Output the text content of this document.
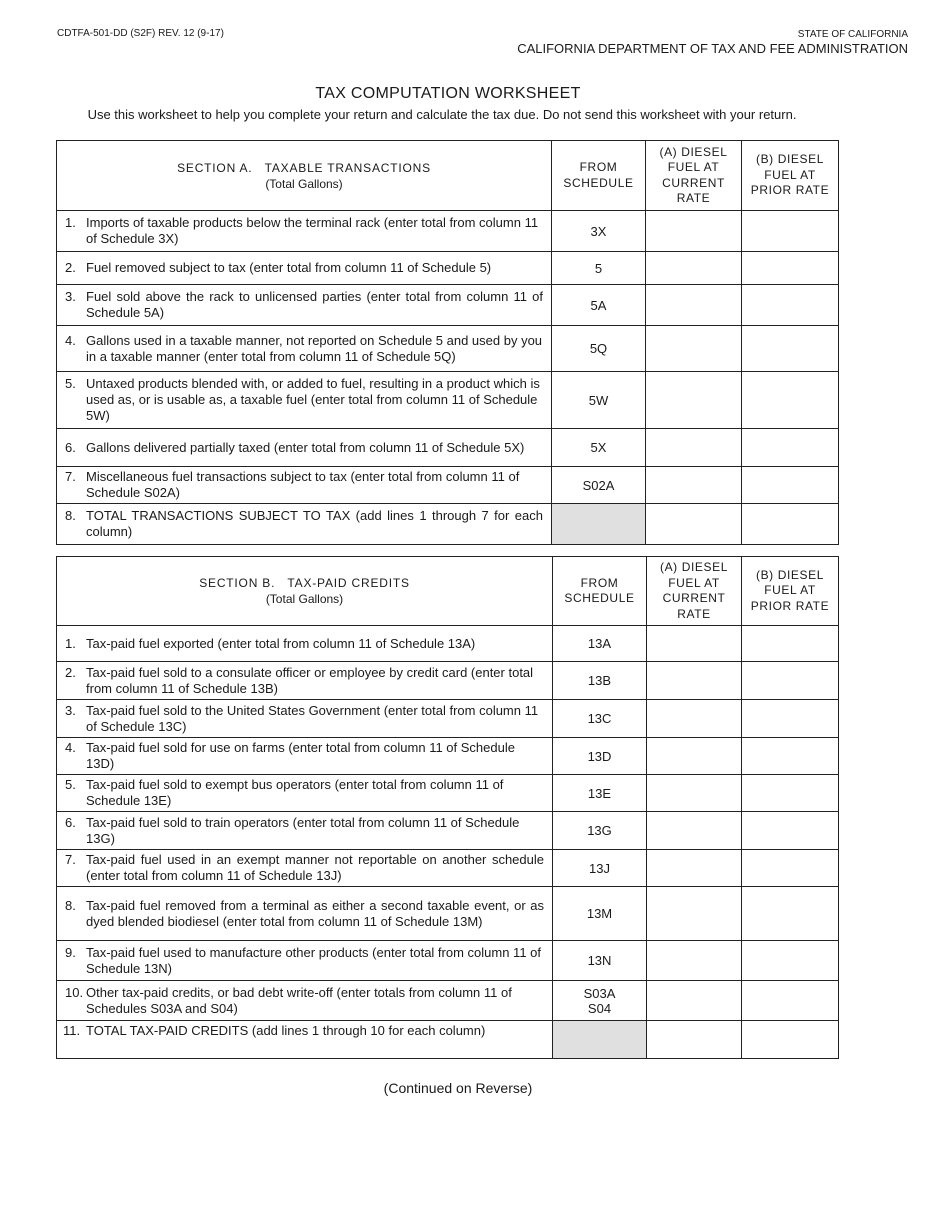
CDTFA-501-DD (S2F) REV. 12 (9-17)	STATE OF CALIFORNIA
CALIFORNIA DEPARTMENT OF TAX AND FEE ADMINISTRATION
TAX COMPUTATION WORKSHEET
Use this worksheet to help you complete your return and calculate the tax due. Do not send this worksheet with your return.
SECTION A.   TAXABLE TRANSACTIONS
(Total Gallons)	FROM SCHEDULE	(A) DIESEL FUEL AT CURRENT RATE	(B) DIESEL FUEL AT PRIOR RATE

1. Imports of taxable products below the terminal rack (enter total from column 11 of Schedule 3X)	3X		

2. Fuel removed subject to tax (enter total from column 11 of Schedule 5)	5		

3. Fuel sold above the rack to unlicensed parties (enter total from column 11 of Schedule 5A)	5A		

4. Gallons used in a taxable manner, not reported on Schedule 5 and used by you in a taxable manner (enter total from column 11 of Schedule 5Q)	5Q		

5. Untaxed products blended with, or added to fuel, resulting in a product which is used as, or is usable as, a taxable fuel (enter total from column 11 of Schedule 5W)	5W		

6. Gallons delivered partially taxed (enter total from column 11 of Schedule 5X)	5X		

7. Miscellaneous fuel transactions subject to tax (enter total from column 11 of Schedule S02A)	S02A		

8. TOTAL TRANSACTIONS SUBJECT TO TAX (add lines 1 through 7 for each column)			

SECTION B.   TAX-PAID CREDITS
(Total Gallons)	FROM SCHEDULE	(A) DIESEL FUEL AT CURRENT RATE	(B) DIESEL FUEL AT PRIOR RATE

1. Tax-paid fuel exported (enter total from column 11 of Schedule 13A)	13A		

2. Tax-paid fuel sold to a consulate officer or employee by credit card (enter total from column 11 of Schedule 13B)	13B		

3. Tax-paid fuel sold to the United States Government (enter total from column 11 of Schedule 13C)	13C		

4. Tax-paid fuel sold for use on farms (enter total from column 11 of Schedule 13D)	13D		

5. Tax-paid fuel sold to exempt bus operators (enter total from column 11 of Schedule 13E)	13E		

6. Tax-paid fuel sold to train operators (enter total from column 11 of Schedule 13G)	13G		

7. Tax-paid fuel used in an exempt manner not reportable on another schedule (enter total from column 11 of Schedule 13J)	13J		

8. Tax-paid fuel removed from a terminal as either a second taxable event, or as dyed blended biodiesel (enter total from column 11 of Schedule 13M)	13M		

9. Tax-paid fuel used to manufacture other products (enter total from column 11 of Schedule 13N)	13N		

10. Other tax-paid credits, or bad debt write-off (enter totals from column 11 of Schedules S03A and S04)	S03A S04		

11. TOTAL TAX-PAID CREDITS (add lines 1 through 10 for each column)			

(Continued on Reverse)
